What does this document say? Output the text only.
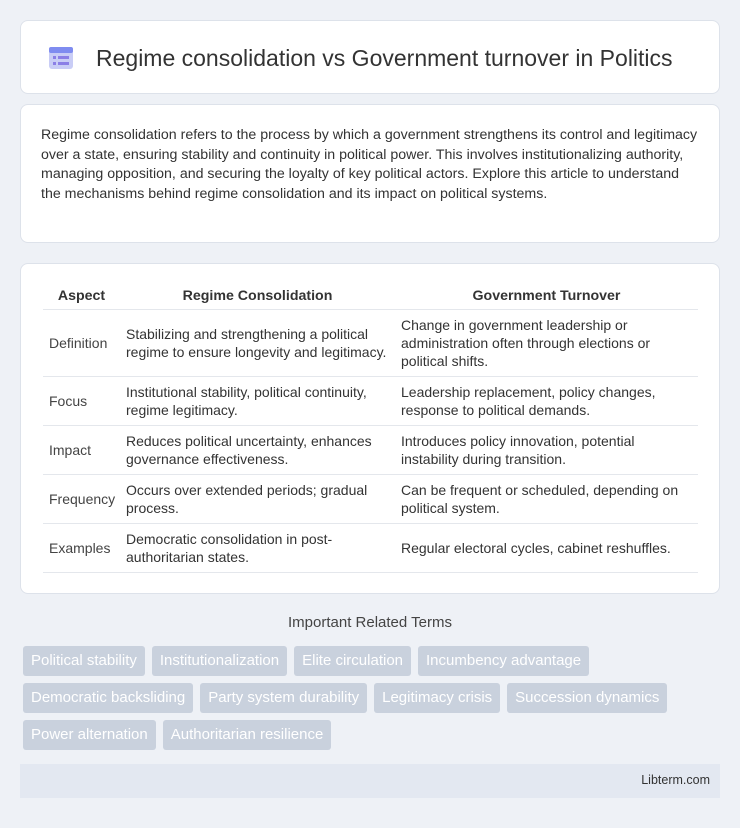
Regime consolidation vs Government turnover in Politics

Regime consolidation refers to the process by which a government strengthens its control and legitimacy over a state, ensuring stability and continuity in political power. This involves institutionalizing authority, managing opposition, and securing the loyalty of key political actors. Explore this article to understand the mechanisms behind regime consolidation and its impact on political systems.

Aspect	Regime Consolidation	Government Turnover
Definition	Stabilizing and strengthening a political regime to ensure longevity and legitimacy.	Change in government leadership or administration often through elections or political shifts.
Focus	Institutional stability, political continuity, regime legitimacy.	Leadership replacement, policy changes, response to political demands.
Impact	Reduces political uncertainty, enhances governance effectiveness.	Introduces policy innovation, potential instability during transition.
Frequency	Occurs over extended periods; gradual process.	Can be frequent or scheduled, depending on political system.
Examples	Democratic consolidation in post-authoritarian states.	Regular electoral cycles, cabinet reshuffles.
Important Related Terms
Political stability	Institutionalization	Elite circulation	Incumbency advantage
Democratic backsliding	Party system durability	Legitimacy crisis	Succession dynamics
Power alternation	Authoritarian resilience
Libterm.com
